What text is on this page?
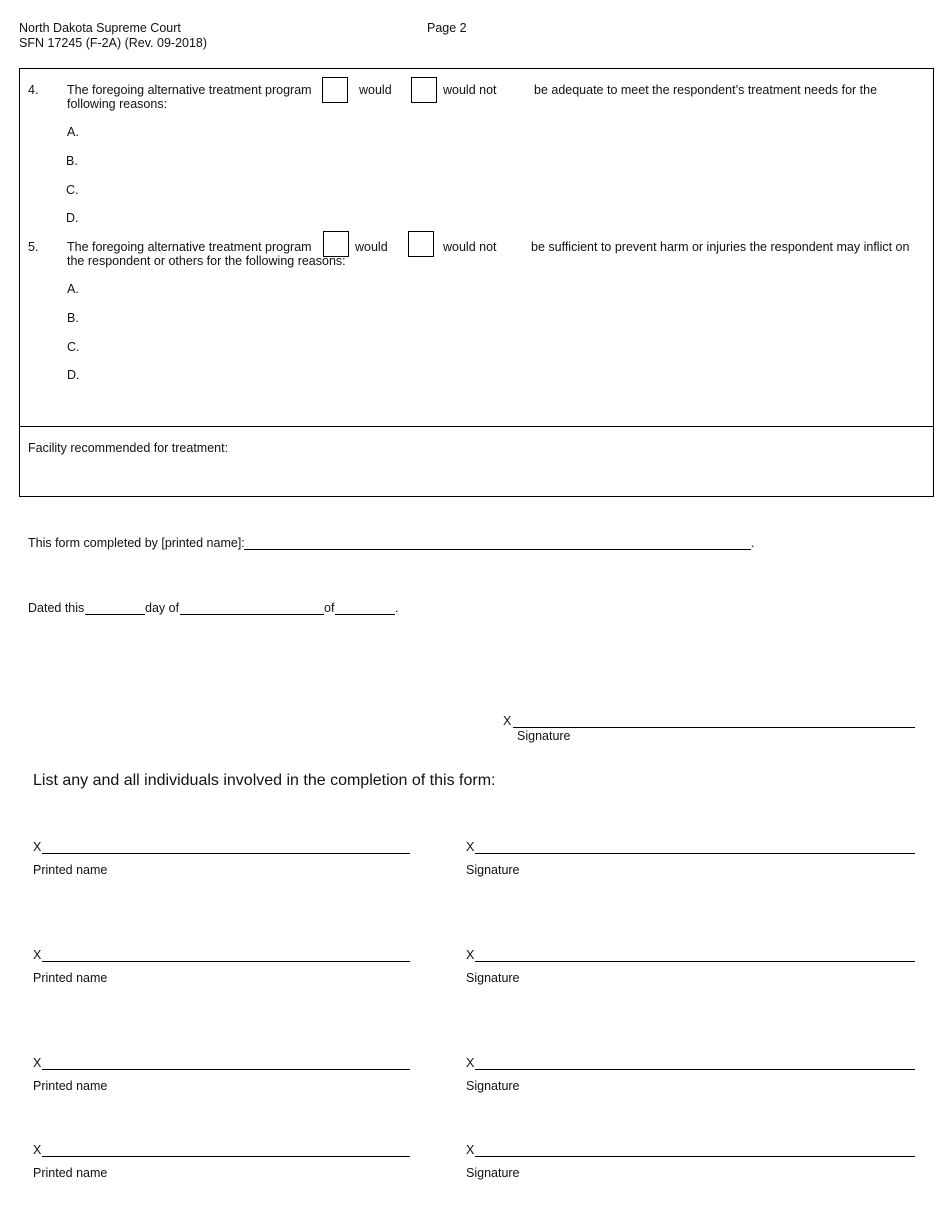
North Dakota Supreme Court
SFN 17245 (F-2A) (Rev. 09-2018)
Page 2
4. The foregoing alternative treatment program	would	would not	be adequate to meet the respondent’s treatment needs for the
following reasons:
A.
B.
C.
D.
5. The foregoing alternative treatment program	would	would not	be sufficient to prevent harm or injuries the respondent may inflict on
the respondent or others for the following reasons:
A.
B.
C.
D.
Facility recommended for treatment:
This form completed by [printed name]:	.
Dated this	day of	of	.
X
Signature
List any and all individuals involved in the completion of this form:
X
Printed name
X
Signature
X
Printed name
X
Signature
X
Printed name
X
Signature
X
Printed name
X
Signature
